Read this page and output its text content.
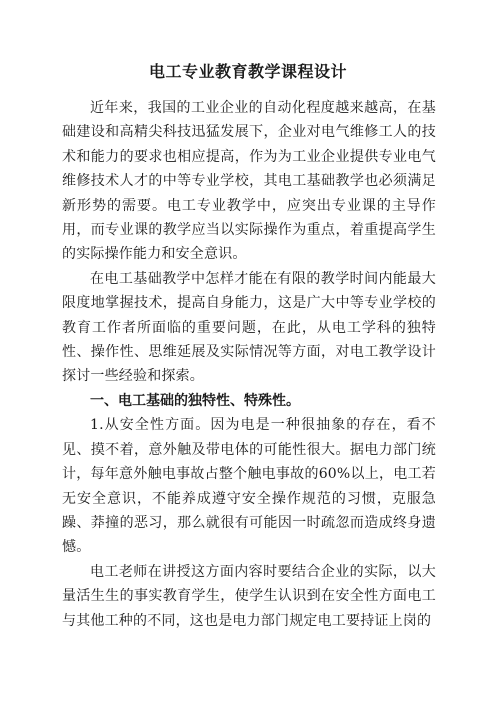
电工专业教育教学课程设计

近年来，我国的工业企业的自动化程度越来越高，在基础建设和高精尖科技迅猛发展下，企业对电气维修工人的技术和能力的要求也相应提高，作为为工业企业提供专业电气维修技术人才的中等专业学校，其电工基础教学也必须满足新形势的需要。电工专业教学中，应突出专业课的主导作用，而专业课的教学应当以实际操作为重点，着重提高学生的实际操作能力和安全意识。

在电工基础教学中怎样才能在有限的教学时间内能最大限度地掌握技术，提高自身能力，这是广大中等专业学校的教育工作者所面临的重要问题，在此，从电工学科的独特性、操作性、思维延展及实际情况等方面，对电工教学设计探讨一些经验和探索。

一、电工基础的独特性、特殊性。

1.从安全性方面。因为电是一种很抽象的存在，看不见、摸不着，意外触及带电体的可能性很大。据电力部门统计，每年意外触电事故占整个触电事故的60%以上，电工若无安全意识，不能养成遵守安全操作规范的习惯，克服急躁、莽撞的恶习，那么就很有可能因一时疏忽而造成终身遗憾。

电工老师在讲授这方面内容时要结合企业的实际，以大量活生生的事实教育学生，使学生认识到在安全性方面电工与其他工种的不同，这也是电力部门规定电工要持证上岗的
